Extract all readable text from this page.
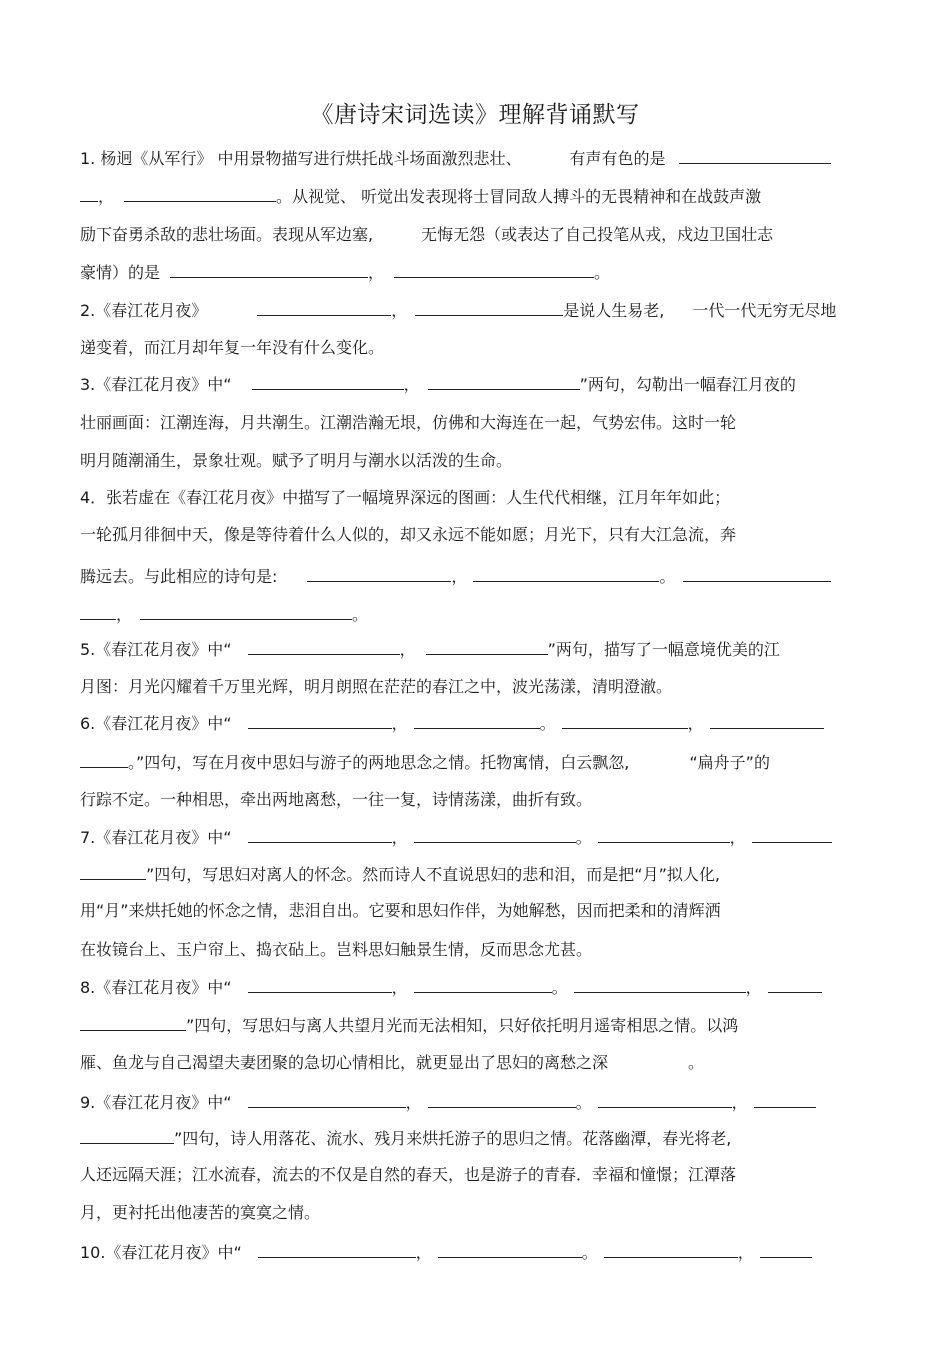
《唐诗宋词选读》理解背诵默写
1. 杨迥《从军行》 中用景物描写进行烘托战斗场面激烈悲壮、	有声有色的是
，	。从视觉、 听觉出发表现将士冒同敌人搏斗的无畏精神和在战鼓声激
励下奋勇杀敌的悲壮场面。表现从军边塞,	无悔无怨（或表达了自己投笔从戎，戍边卫国壮志
豪情）的是	，	。
2.《春江花月夜》	，	是说人生易老, 一代一代无穷无尽地
递变着，而江月却年复一年没有什么变化。
3.《春江花月夜》中“	，	”两句，勾勒出一幅春江月夜的
壮丽画面：江潮连海，月共潮生。江潮浩瀚无垠，仿佛和大海连在一起，气势宏伟。这时一轮
明月随潮涌生，景象壮观。赋予了明月与潮水以活泼的生命。
4．张若虚在《春江花月夜》中描写了一幅境界深远的图画：人生代代相继，江月年年如此；
一轮孤月徘徊中天，像是等待着什么人似的，却又永远不能如愿；月光下，只有大江急流，奔
腾远去。与此相应的诗句是:	，	。
，	。
5.《春江花月夜》中“	，	”两句，描写了一幅意境优美的江
月图：月光闪耀着千万里光辉，明月朗照在茫茫的春江之中，波光荡漾，清明澄澈。
6.《春江花月夜》中“	，	。	，
。”四句，写在月夜中思妇与游子的两地思念之情。托物寓情，白云飘忽,	“扁舟子”的
行踪不定。一种相思，牵出两地离愁，一往一复，诗情荡漾，曲折有致。
7.《春江花月夜》中“	，	。	，
”四句，写思妇对离人的怀念。然而诗人不直说思妇的悲和泪，而是把“月”拟人化,
用“月”来烘托她的怀念之情，悲泪自出。它要和思妇作伴，为她解愁，因而把柔和的清辉洒
在妆镜台上、玉户帘上、捣衣砧上。岂料思妇触景生情，反而思念尤甚。
8.《春江花月夜》中“	，	。	，
”四句，写思妇与离人共望月光而无法相知，只好依托明月遥寄相思之情。以鸿
雁、鱼龙与自己渴望夫妻团聚的急切心情相比，就更显出了思妇的离愁之深	。
9.《春江花月夜》中“	，	。	，
”四句，诗人用落花、流水、残月来烘托游子的思归之情。花落幽潭，春光将老,
人还远隔天涯；江水流春，流去的不仅是自然的春天，也是游子的青春．幸福和憧憬；江潭落
月，更衬托出他凄苦的寞寞之情。
10.《春江花月夜》中“	，	。	，
